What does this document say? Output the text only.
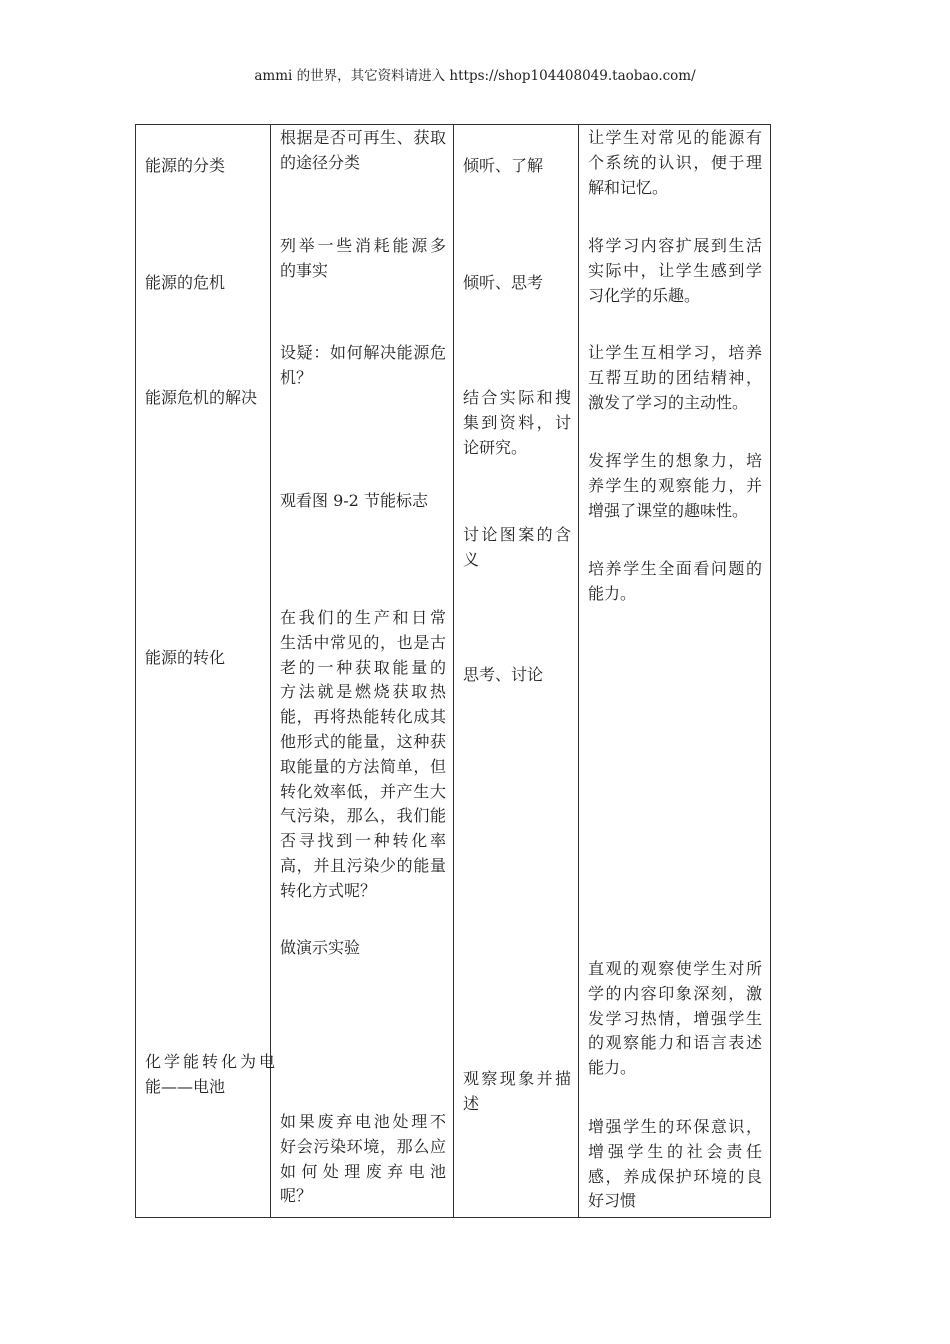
ammi 的世界，其它资料请进入 https://shop104408049.taobao.com/
能源的分类
根据是否可再生、获取
的途径分类	倾听、了解
让学生对常见的能源有
个系统的认识，便于理
解和记忆。
能源的危机
列举一些消耗能源多
的事实
倾听、思考
将学习内容扩展到生活
实际中，让学生感到学
习化学的乐趣。
能源危机的解决
设疑：如何解决能源危
机？
结合实际和搜
集到资料，讨
论研究。
让学生互相学习，培养
互帮互助的团结精神，
激发了学习的主动性。
观看图 9-2 节能标志
讨论图案的含
义
发挥学生的想象力，培
养学生的观察能力，并
增强了课堂的趣味性。
培养学生全面看问题的
能力。
能源的转化
在我们的生产和日常
生活中常见的，也是古
老的一种获取能量的
方法就是燃烧获取热
能，再将热能转化成其
他形式的能量，这种获
取能量的方法简单，但
转化效率低，并产生大
气污染，那么，我们能
否寻找到一种转化率
高，并且污染少的能量
转化方式呢？
思考、讨论
化学能转化为电
能——电池
做演示实验
观察现象并描
述
直观的观察使学生对所
学的内容印象深刻，激
发学习热情，增强学生
的观察能力和语言表述
能力。
如果废弃电池处理不
好会污染环境，那么应
如何处理废弃电池
呢？
增强学生的环保意识，
增强学生的社会责任
感，养成保护环境的良
好习惯
